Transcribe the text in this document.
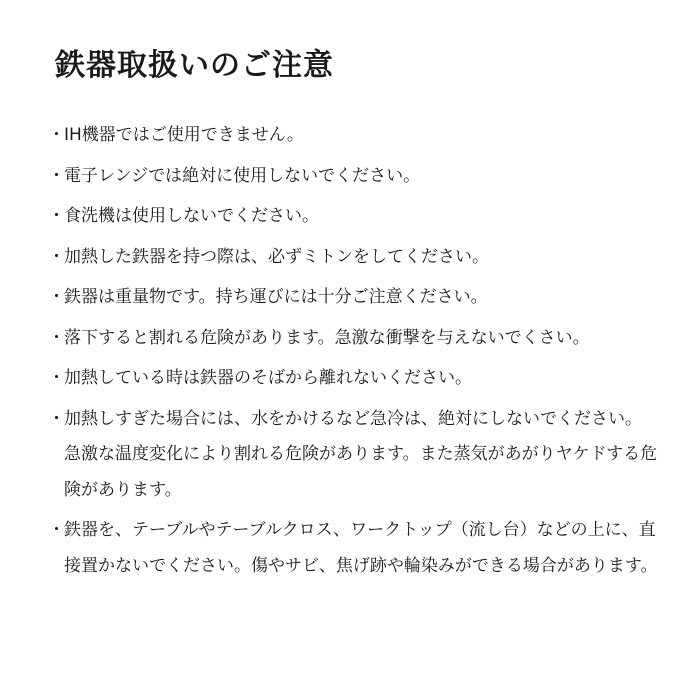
鉄器取扱いのご注意
・ IH機器ではご使用できません。
・ 電子レンジでは絶対に使用しないでください。
・ 食洗機は使用しないでください。
・ 加熱した鉄器を持つ際は、必ずミトンをしてください。
・ 鉄器は重量物です。持ち運びには十分ご注意ください。
・ 落下すると割れる危険があります。急激な衝撃を与えないでくさい。
・ 加熱している時は鉄器のそばから離れないください。
・ 加熱しすぎた場合には、水をかけるなど急冷は、絶対にしないでください。急激な温度変化により割れる危険があります。また蒸気があがりヤケドする危険があります。
・ 鉄器を、テーブルやテーブルクロス、ワークトップ（流し台）などの上に、直接置かないでください。傷やサビ、焦げ跡や輪染みができる場合があります。
